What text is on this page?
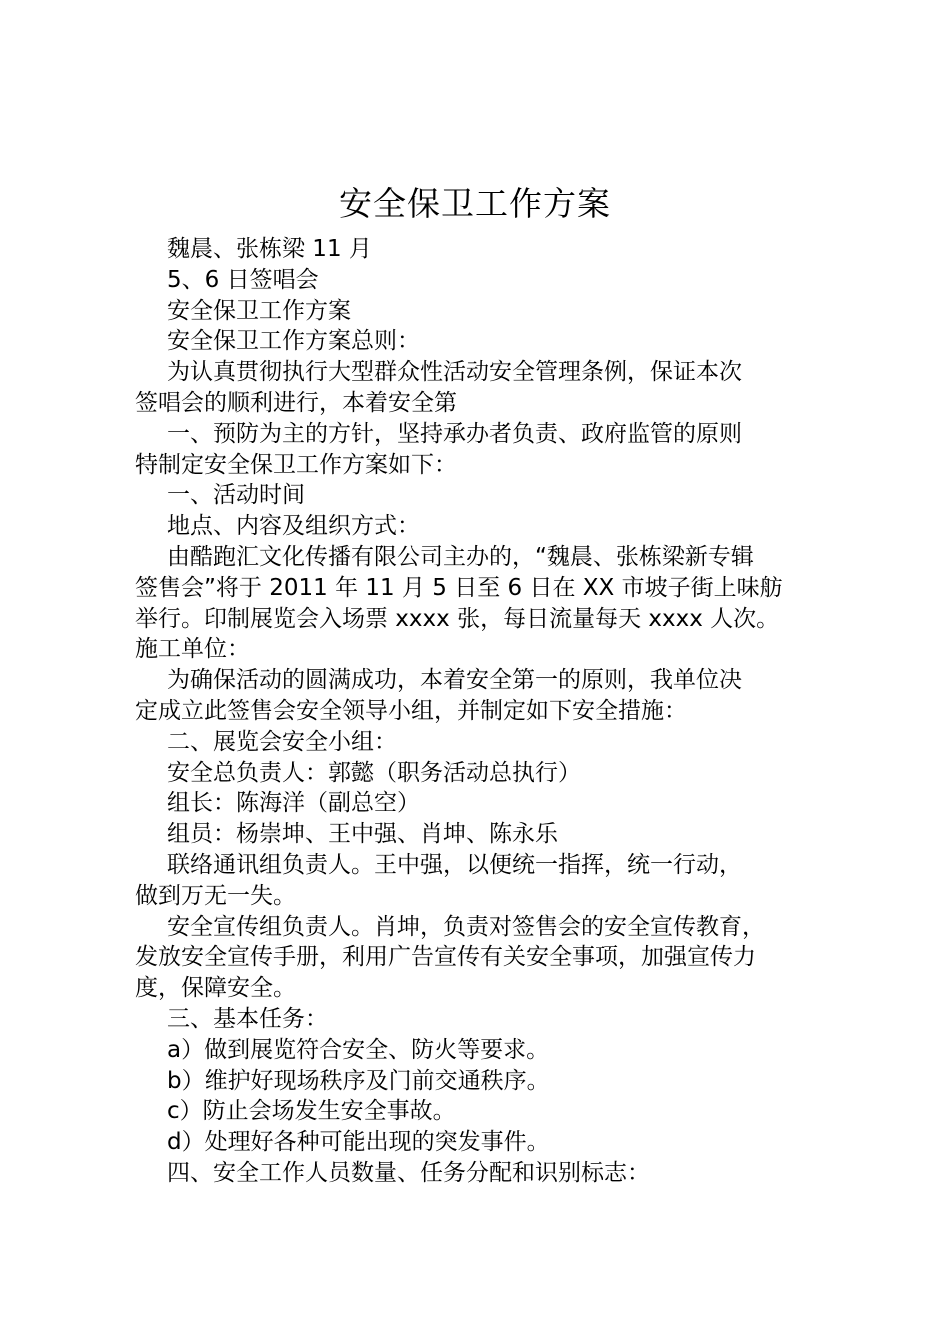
安全保卫工作方案
魏晨、张栋梁 11 月
5、6 日签唱会
安全保卫工作方案
安全保卫工作方案总则：
为认真贯彻执行大型群众性活动安全管理条例，保证本次
签唱会的顺利进行，本着安全第
一、预防为主的方针，坚持承办者负责、政府监管的原则
特制定安全保卫工作方案如下：
一、活动时间
地点、内容及组织方式：
由酷跑汇文化传播有限公司主办的，“魏晨、张栋梁新专辑
签售会”将于 2011 年 11 月 5 日至 6 日在 XX 市坡子街上味舫
举行。印制展览会入场票 xxxx 张，每日流量每天 xxxx 人次。
施工单位：
为确保活动的圆满成功，本着安全第一的原则，我单位决
定成立此签售会安全领导小组，并制定如下安全措施：
二、展览会安全小组：
安全总负责人：郭懿（职务活动总执行）
组长：陈海洋（副总空）
组员：杨崇坤、王中强、肖坤、陈永乐
联络通讯组负责人。王中强，以便统一指挥，统一行动，
做到万无一失。
安全宣传组负责人。肖坤，负责对签售会的安全宣传教育，
发放安全宣传手册，利用广告宣传有关安全事项，加强宣传力
度，保障安全。
三、基本任务：
a）做到展览符合安全、防火等要求。
b）维护好现场秩序及门前交通秩序。
c）防止会场发生安全事故。
d）处理好各种可能出现的突发事件。
四、安全工作人员数量、任务分配和识别标志：
